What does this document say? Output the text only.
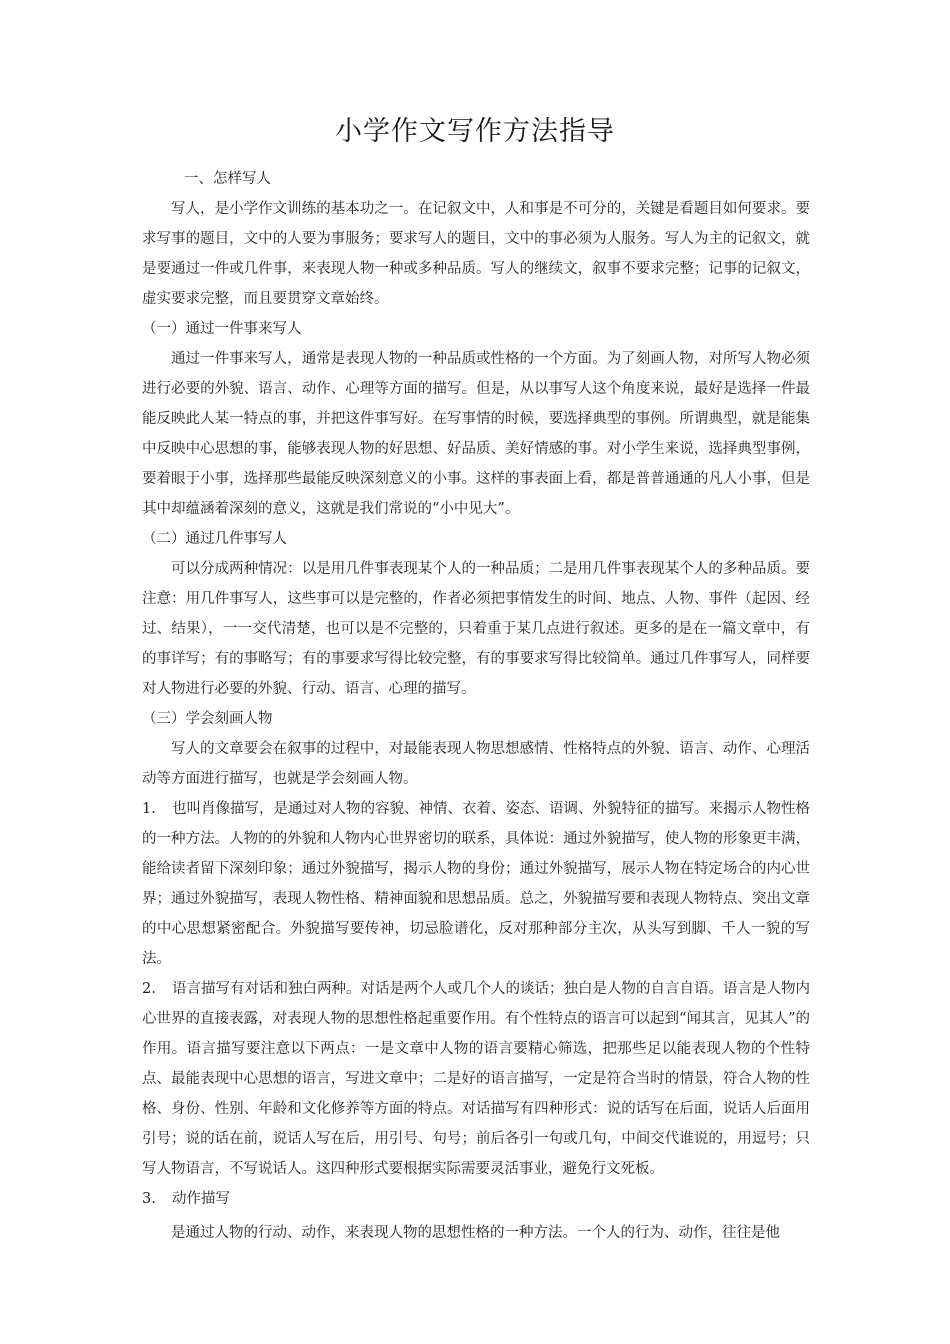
小学作文写作方法指导

一、怎样写人

写人，是小学作文训练的基本功之一。在记叙文中，人和事是不可分的，关键是看题目如何要求。要求写事的题目，文中的人要为事服务；要求写人的题目，文中的事必须为人服务。写人为主的记叙文，就是要通过一件或几件事，来表现人物一种或多种品质。写人的继续文，叙事不要求完整；记事的记叙文，虚实要求完整，而且要贯穿文章始终。

（一）通过一件事来写人

通过一件事来写人，通常是表现人物的一种品质或性格的一个方面。为了刻画人物，对所写人物必须进行必要的外貌、语言、动作、心理等方面的描写。但是，从以事写人这个角度来说，最好是选择一件最能反映此人某一特点的事，并把这件事写好。在写事情的时候，要选择典型的事例。所谓典型，就是能集中反映中心思想的事，能够表现人物的好思想、好品质、美好情感的事。对小学生来说，选择典型事例，要着眼于小事，选择那些最能反映深刻意义的小事。这样的事表面上看，都是普普通通的凡人小事，但是其中却蕴涵着深刻的意义，这就是我们常说的“小中见大”。

（二）通过几件事写人

可以分成两种情况：以是用几件事表现某个人的一种品质；二是用几件事表现某个人的多种品质。要注意：用几件事写人，这些事可以是完整的，作者必须把事情发生的时间、地点、人物、事件（起因、经过、结果），一一交代清楚，也可以是不完整的，只着重于某几点进行叙述。更多的是在一篇文章中，有的事详写；有的事略写；有的事要求写得比较完整，有的事要求写得比较简单。通过几件事写人，同样要对人物进行必要的外貌、行动、语言、心理的描写。

（三）学会刻画人物

写人的文章要会在叙事的过程中，对最能表现人物思想感情、性格特点的外貌、语言、动作、心理活动等方面进行描写，也就是学会刻画人物。

1. 也叫肖像描写，是通过对人物的容貌、神情、衣着、姿态、语调、外貌特征的描写。来揭示人物性格的一种方法。人物的的外貌和人物内心世界密切的联系，具体说：通过外貌描写，使人物的形象更丰满，能给读者留下深刻印象；通过外貌描写，揭示人物的身份；通过外貌描写，展示人物在特定场合的内心世界；通过外貌描写，表现人物性格、精神面貌和思想品质。总之，外貌描写要和表现人物特点、突出文章的中心思想紧密配合。外貌描写要传神，切忌脸谱化，反对那种部分主次，从头写到脚、千人一貌的写法。

2. 语言描写有对话和独白两种。对话是两个人或几个人的谈话；独白是人物的自言自语。语言是人物内心世界的直接表露，对表现人物的思想性格起重要作用。有个性特点的语言可以起到“闻其言，见其人”的作用。语言描写要注意以下两点：一是文章中人物的语言要精心筛选，把那些足以能表现人物的个性特点、最能表现中心思想的语言，写进文章中；二是好的语言描写，一定是符合当时的情景，符合人物的性格、身份、性别、年龄和文化修养等方面的特点。对话描写有四种形式：说的话写在后面，说话人后面用引号；说的话在前，说话人写在后，用引号、句号；前后各引一句或几句，中间交代谁说的，用逗号；只写人物语言，不写说话人。这四种形式要根据实际需要灵活事业，避免行文死板。

3. 动作描写

是通过人物的行动、动作，来表现人物的思想性格的一种方法。一个人的行为、动作，往往是他
